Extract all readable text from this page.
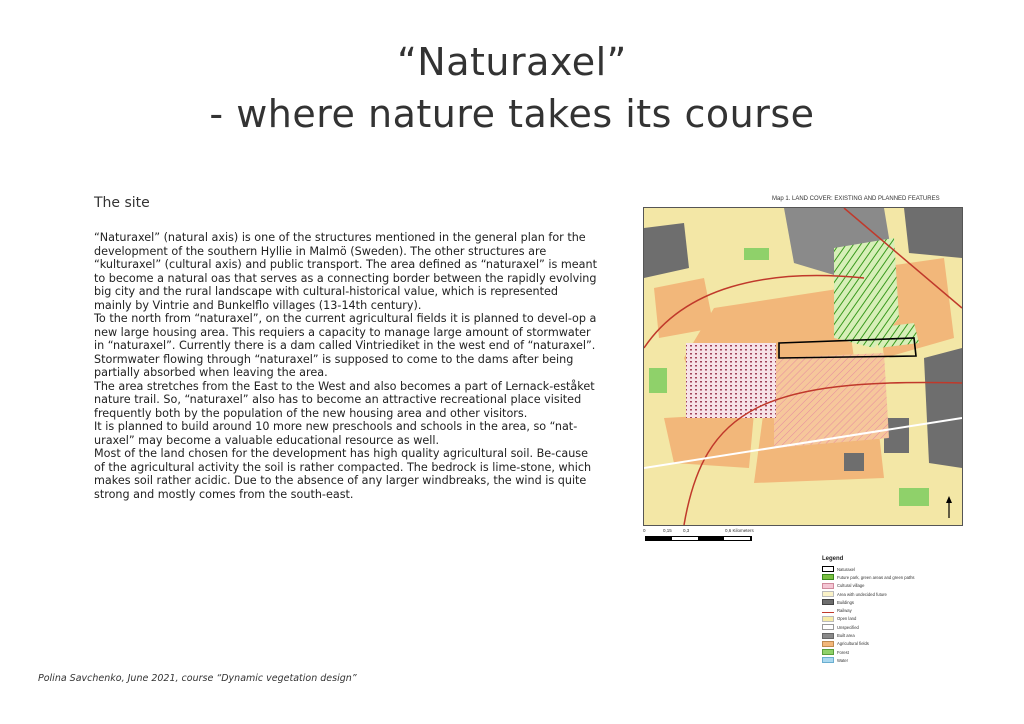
“Naturaxel”
- where nature takes its course
The site

“Naturaxel” (natural axis) is one of the structures mentioned in the general plan for the development of the southern Hyllie in Malmö (Sweden). The other structures are “kulturaxel” (cultural axis) and public transport. The area defined as “naturaxel” is meant to become a natural oas that serves as a connecting border between the rapidly evolving big city and the rural landscape with cultural-historical value, which is represented mainly by Vintrie and Bunkelflo villages (13-14th century).

To the north from “naturaxel”, on the current agricultural fields it is planned to devel-op a new large housing area. This requiers a capacity to manage large amount of stormwater in “naturaxel”. Currently there is a dam called Vintriediket in the west end of “naturaxel”. Stormwater flowing through “naturaxel” is supposed to come to the dams after being partially absorbed when leaving the area.

The area stretches from the East to the West and also becomes a part of Lernack-eståket nature trail. So, “naturaxel” also has to become an attractive recreational place visited frequently both by the population of the new housing area and other visitors.

It is planned to build around 10 more new preschools and schools in the area, so “nat-uraxel” may become a valuable educational resource as well.

Most of the land chosen for the development has high quality agricultural soil. Be-cause of the agricultural activity the soil is rather compacted. The bedrock is lime-stone, which makes soil rather acidic. Due to the absence of any larger windbreaks, the wind is quite strong and mostly comes from the south-east.

Map 1. LAND COVER: EXISTING AND PLANNED FEATURES
0	0,15 0,3	0,6 Kilometers
Legend
Naturaxel
Future park, green areas and green paths
Cultural village
Area with undecided future
Buildings
Railway
Open land
Unspecified
Built area
Agricultural fields
Forest
Water
Polina Savchenko, June 2021, course “Dynamic vegetation design”
